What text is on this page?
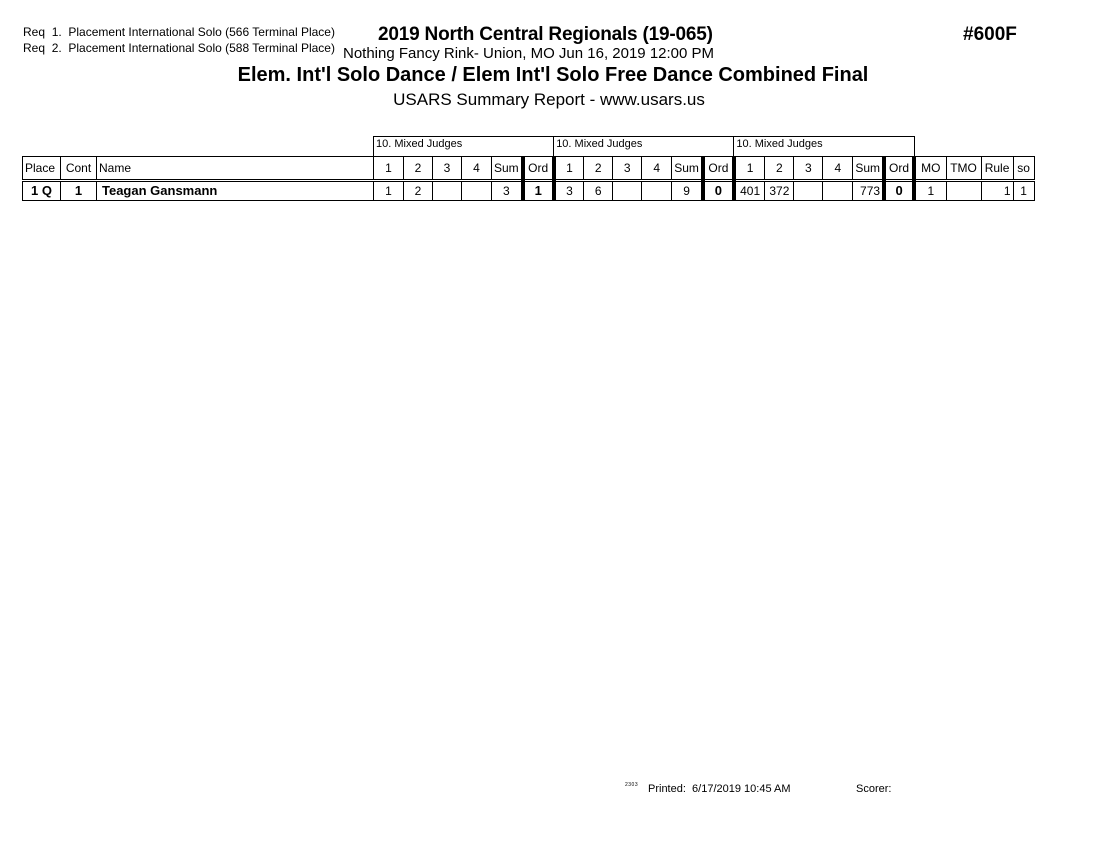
Req 1. Placement International Solo (566 Terminal Place)
Req 2. Placement International Solo (588 Terminal Place)
2019 North Central Regionals (19-065)
Nothing Fancy Rink- Union, MO Jun 16, 2019 12:00 PM
#600F
Elem. Int'l Solo Dance / Elem Int'l Solo Free Dance Combined Final
USARS Summary Report - www.usars.us
			10. Mixed Judges						10. Mixed Judges						10. Mixed Judges									
Place	Cont	Name	1	2	3	4	Sum	Ord	1	2	3	4	Sum	Ord	1	2	3	4	Sum	Ord	MO	TMO	Rule	so
1 Q	1	Teagan Gansmann	1	2			3	1	3	6			9	0	401	372			773	0	1		1	1
2303 Printed: 6/17/2019 10:45 AM	Scorer:
